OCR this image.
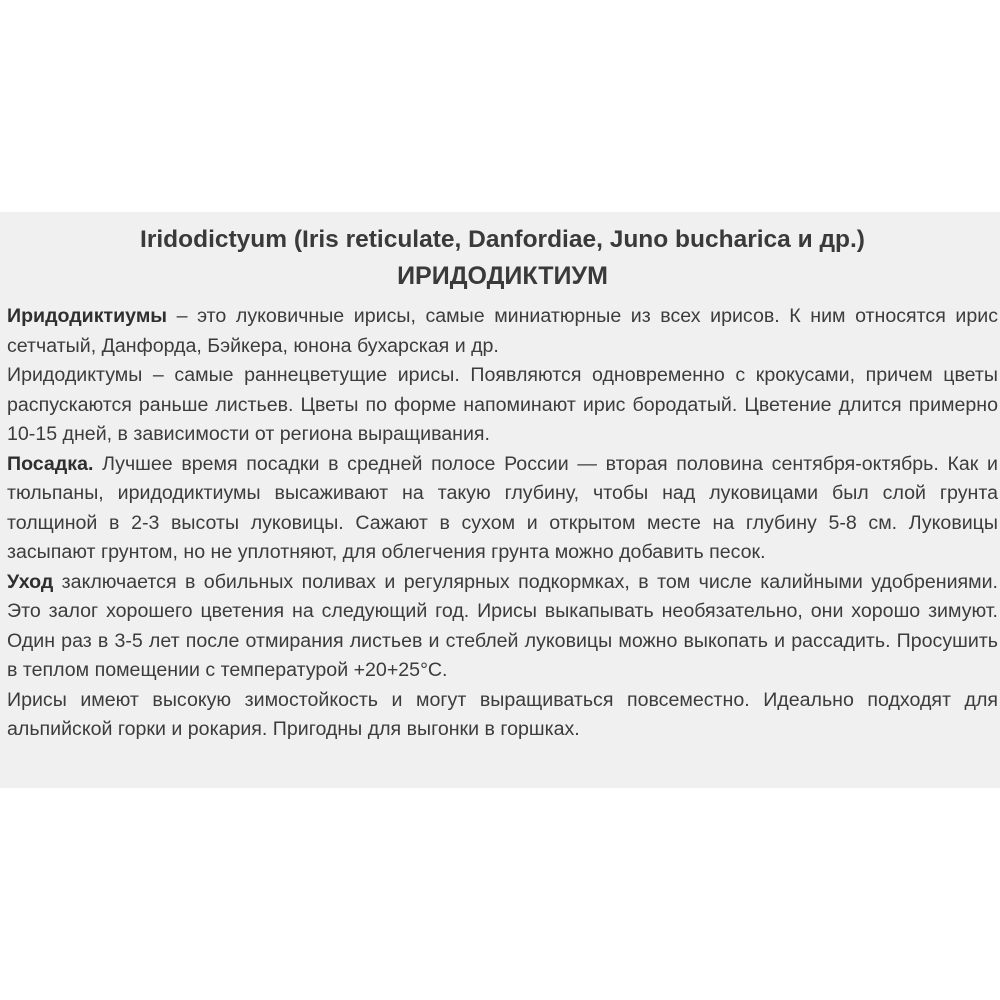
Iridodictyum (Iris reticulate, Danfordiae, Juno bucharica и др.)
ИРИДОДИКТИУМ

Иридодиктиумы – это луковичные ирисы, самые миниатюрные из всех ирисов. К ним относятся ирис сетчатый, Данфорда, Бэйкера, юнона бухарская и др.

Иридодиктумы – самые раннецветущие ирисы. Появляются одновременно с крокусами, причем цветы распускаются раньше листьев. Цветы по форме напоминают ирис бородатый. Цветение длится примерно 10-15 дней, в зависимости от региона выращивания.

Посадка. Лучшее время посадки в средней полосе России — вторая половина сентября-октябрь. Как и тюльпаны, иридодиктиумы высаживают на такую глубину, чтобы над луковицами был слой грунта толщиной в 2-3 высоты луковицы. Сажают в сухом и открытом месте на глубину 5-8 см. Луковицы засыпают грунтом, но не уплотняют, для облегчения грунта можно добавить песок.

Уход заключается в обильных поливах и регулярных подкормках, в том числе калийными удобрениями. Это залог хорошего цветения на следующий год. Ирисы выкапывать необязательно, они хорошо зимуют. Один раз в 3-5 лет после отмирания листьев и стеблей луковицы можно выкопать и рассадить. Просушить в теплом помещении с температурой +20+25°С.

Ирисы имеют высокую зимостойкость и могут выращиваться повсеместно. Идеально подходят для альпийской горки и рокария. Пригодны для выгонки в горшках.
